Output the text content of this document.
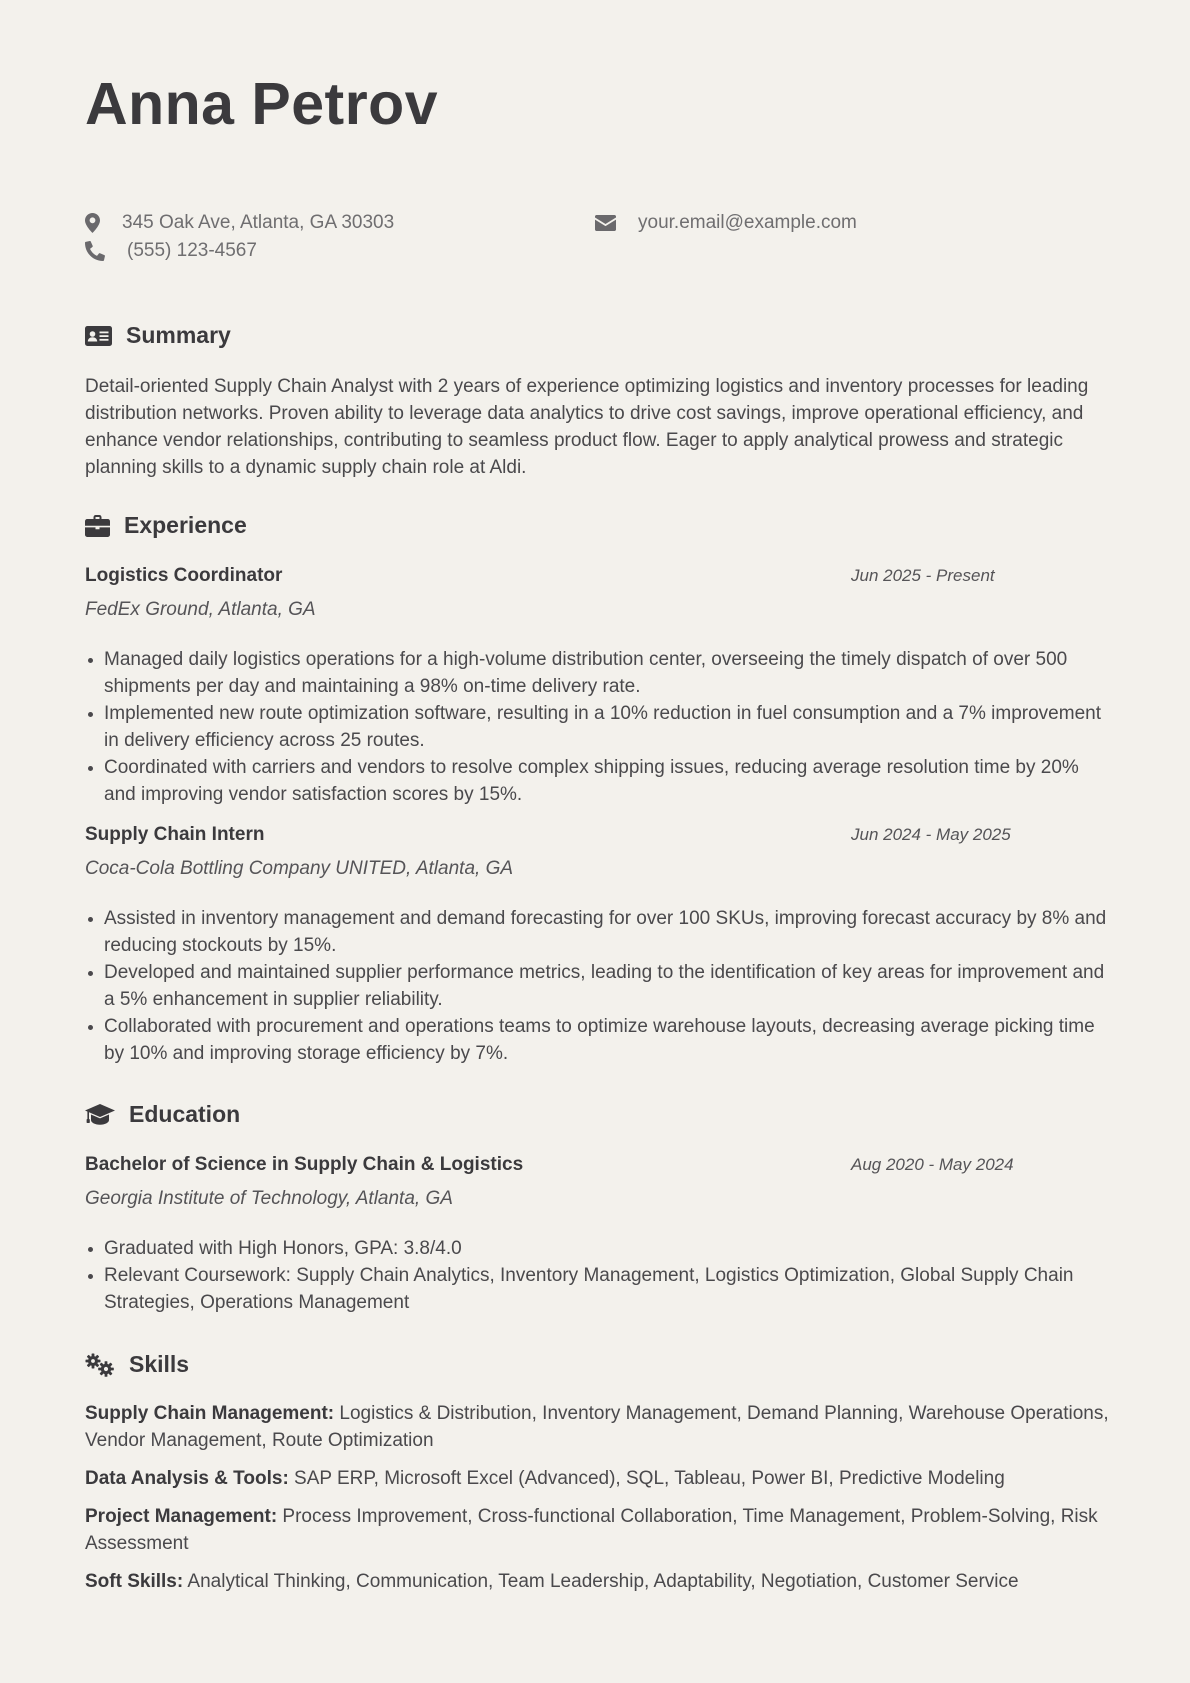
Anna Petrov
345 Oak Ave, Atlanta, GA 30303	your.email@example.com
(555) 123-4567
Summary
Detail-oriented Supply Chain Analyst with 2 years of experience optimizing logistics and inventory processes for leading distribution networks. Proven ability to leverage data analytics to drive cost savings, improve operational efficiency, and enhance vendor relationships, contributing to seamless product flow. Eager to apply analytical prowess and strategic planning skills to a dynamic supply chain role at Aldi.
Experience
Logistics Coordinator	Jun 2025 - Present
FedEx Ground, Atlanta, GA
Managed daily logistics operations for a high-volume distribution center, overseeing the timely dispatch of over 500 shipments per day and maintaining a 98% on-time delivery rate.
Implemented new route optimization software, resulting in a 10% reduction in fuel consumption and a 7% improvement in delivery efficiency across 25 routes.
Coordinated with carriers and vendors to resolve complex shipping issues, reducing average resolution time by 20% and improving vendor satisfaction scores by 15%.
Supply Chain Intern	Jun 2024 - May 2025
Coca-Cola Bottling Company UNITED, Atlanta, GA
Assisted in inventory management and demand forecasting for over 100 SKUs, improving forecast accuracy by 8% and reducing stockouts by 15%.
Developed and maintained supplier performance metrics, leading to the identification of key areas for improvement and a 5% enhancement in supplier reliability.
Collaborated with procurement and operations teams to optimize warehouse layouts, decreasing average picking time by 10% and improving storage efficiency by 7%.
Education
Bachelor of Science in Supply Chain & Logistics	Aug 2020 - May 2024
Georgia Institute of Technology, Atlanta, GA
Graduated with High Honors, GPA: 3.8/4.0
Relevant Coursework: Supply Chain Analytics, Inventory Management, Logistics Optimization, Global Supply Chain Strategies, Operations Management
Skills
Supply Chain Management: Logistics & Distribution, Inventory Management, Demand Planning, Warehouse Operations, Vendor Management, Route Optimization
Data Analysis & Tools: SAP ERP, Microsoft Excel (Advanced), SQL, Tableau, Power BI, Predictive Modeling
Project Management: Process Improvement, Cross-functional Collaboration, Time Management, Problem-Solving, Risk Assessment
Soft Skills: Analytical Thinking, Communication, Team Leadership, Adaptability, Negotiation, Customer Service
